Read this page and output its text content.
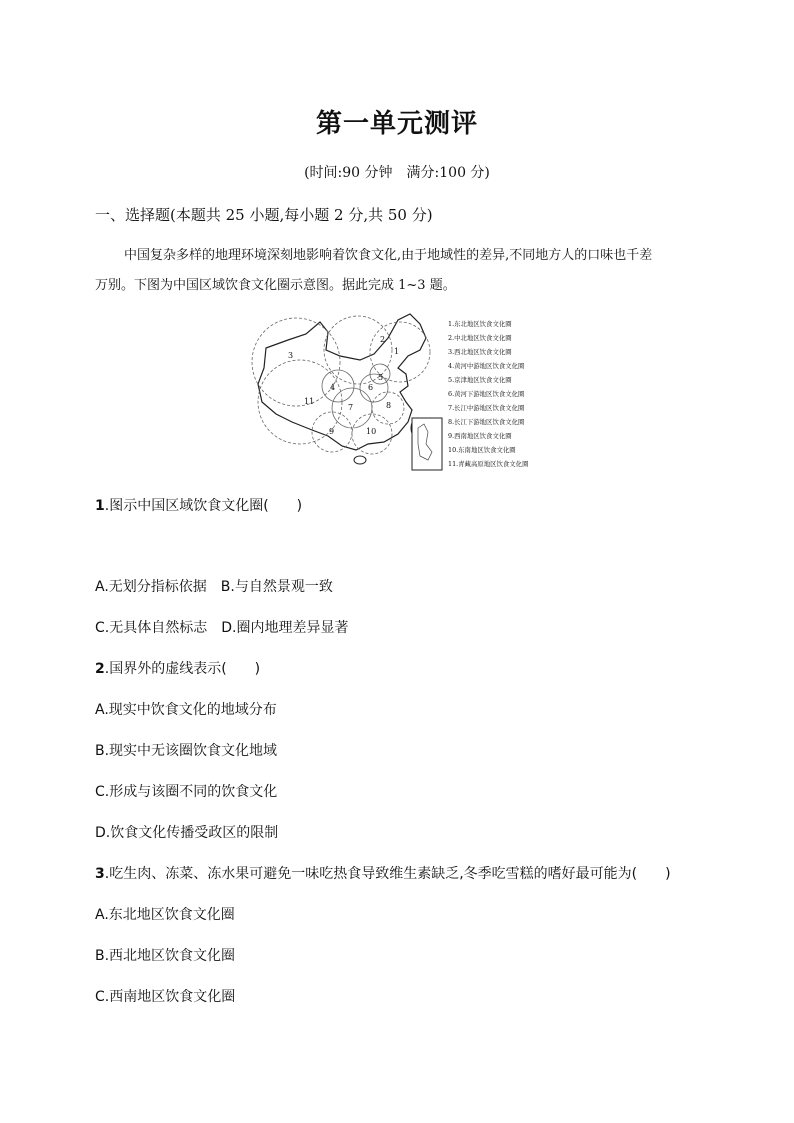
第一单元测评
(时间:90 分钟　满分:100 分)
一、选择题(本题共 25 小题,每小题 2 分,共 50 分)
中国复杂多样的地理环境深刻地影响着饮食文化,由于地域性的差异,不同地方人的口味也千差
万别。下图为中国区域饮食文化圈示意图。据此完成 1~3 题。
1
2
3
4
5
6
7	8
9	10
11
1.东北地区饮食文化圈
2.中北地区饮食文化圈
3.西北地区饮食文化圈
4.黄河中游地区饮食文化圈
5.京津地区饮食文化圈
6.黄河下游地区饮食文化圈
7.长江中游地区饮食文化圈
8.长江下游地区饮食文化圈
9.西南地区饮食文化圈
10.东南地区饮食文化圈
11.青藏高原地区饮食文化圈
1.图示中国区域饮食文化圈(　　)
A.无划分指标依据　B.与自然景观一致
C.无具体自然标志　D.圈内地理差异显著
2.国界外的虚线表示(　　)
A.现实中饮食文化的地域分布
B.现实中无该圈饮食文化地域
C.形成与该圈不同的饮食文化
D.饮食文化传播受政区的限制
3.吃生肉、冻菜、冻水果可避免一味吃热食导致维生素缺乏,冬季吃雪糕的嗜好最可能为(　　)
A.东北地区饮食文化圈
B.西北地区饮食文化圈
C.西南地区饮食文化圈
